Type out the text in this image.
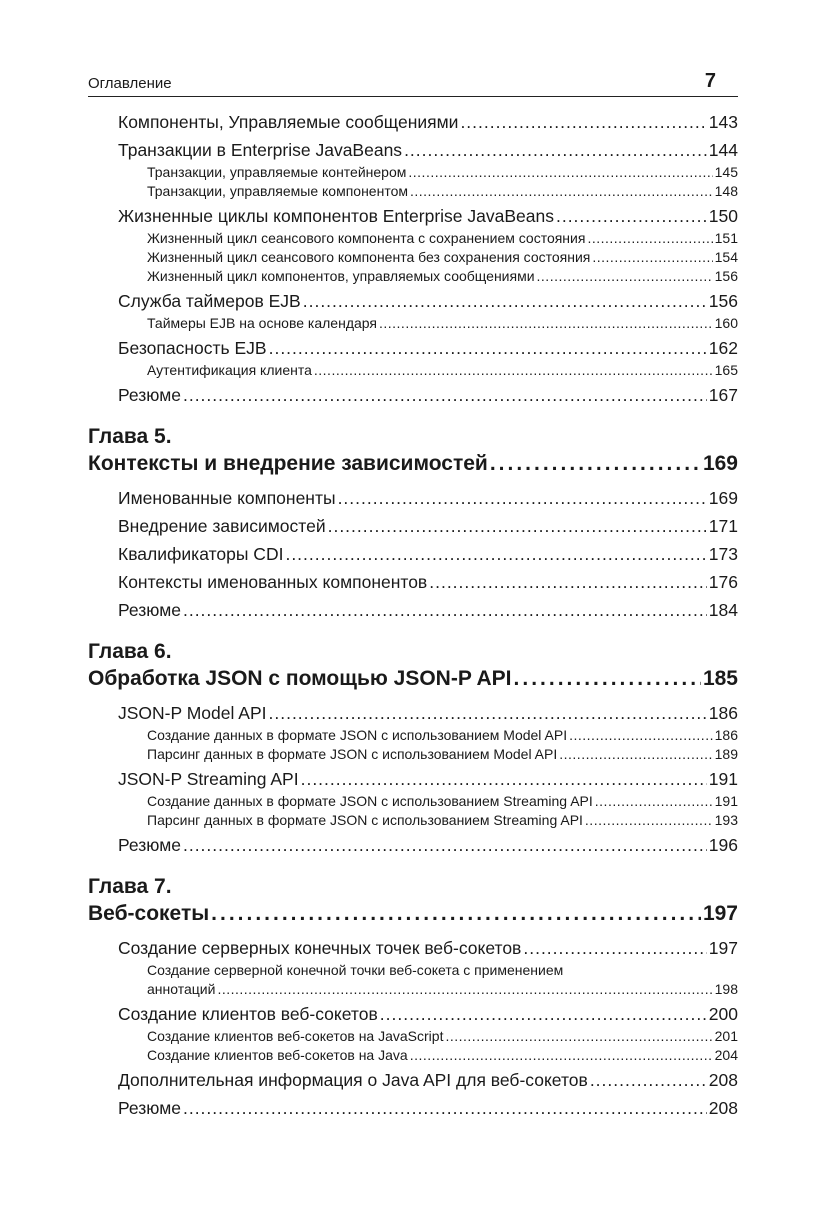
Оглавление	7
Компоненты, Управляемые сообщениями .....	143
Транзакции в Enterprise JavaBeans .....	144
Транзакции, управляемые контейнером .....	145
Транзакции, управляемые компонентом .....	148
Жизненные циклы компонентов Enterprise JavaBeans .....	150
Жизненный цикл сеансового компонента с сохранением состояния .....	151
Жизненный цикл сеансового компонента без сохранения состояния .....	154
Жизненный цикл компонентов, управляемых сообщениями .....	156
Служба таймеров EJB .....	156
Таймеры EJB на основе календаря .....	160
Безопасность EJB .....	162
Аутентификация клиента .....	165
Резюме .....	167
Глава 5.
Контексты и внедрение зависимостей .....	169
Именованные компоненты .....	169
Внедрение зависимостей .....	171
Квалификаторы CDI .....	173
Контексты именованных компонентов .....	176
Резюме .....	184
Глава 6.
Обработка JSON с помощью JSON-P API .....	185
JSON-P Model API .....	186
Создание данных в формате JSON с использованием Model API .....	186
Парсинг данных в формате JSON с использованием Model API .....	189
JSON-P Streaming API .....	191
Создание данных в формате JSON с использованием Streaming API .....	191
Парсинг данных в формате JSON с использованием Streaming API .....	193
Резюме .....	196
Глава 7.
Веб-сокеты .....	197
Создание серверных конечных точек веб-сокетов .....	197
Создание серверной конечной точки веб-сокета с применением
аннотаций .....	198
Создание клиентов веб-сокетов .....	200
Создание клиентов веб-сокетов на JavaScript .....	201
Создание клиентов веб-сокетов на Java .....	204
Дополнительная информация о Java API для веб-сокетов .....	208
Резюме .....	208
